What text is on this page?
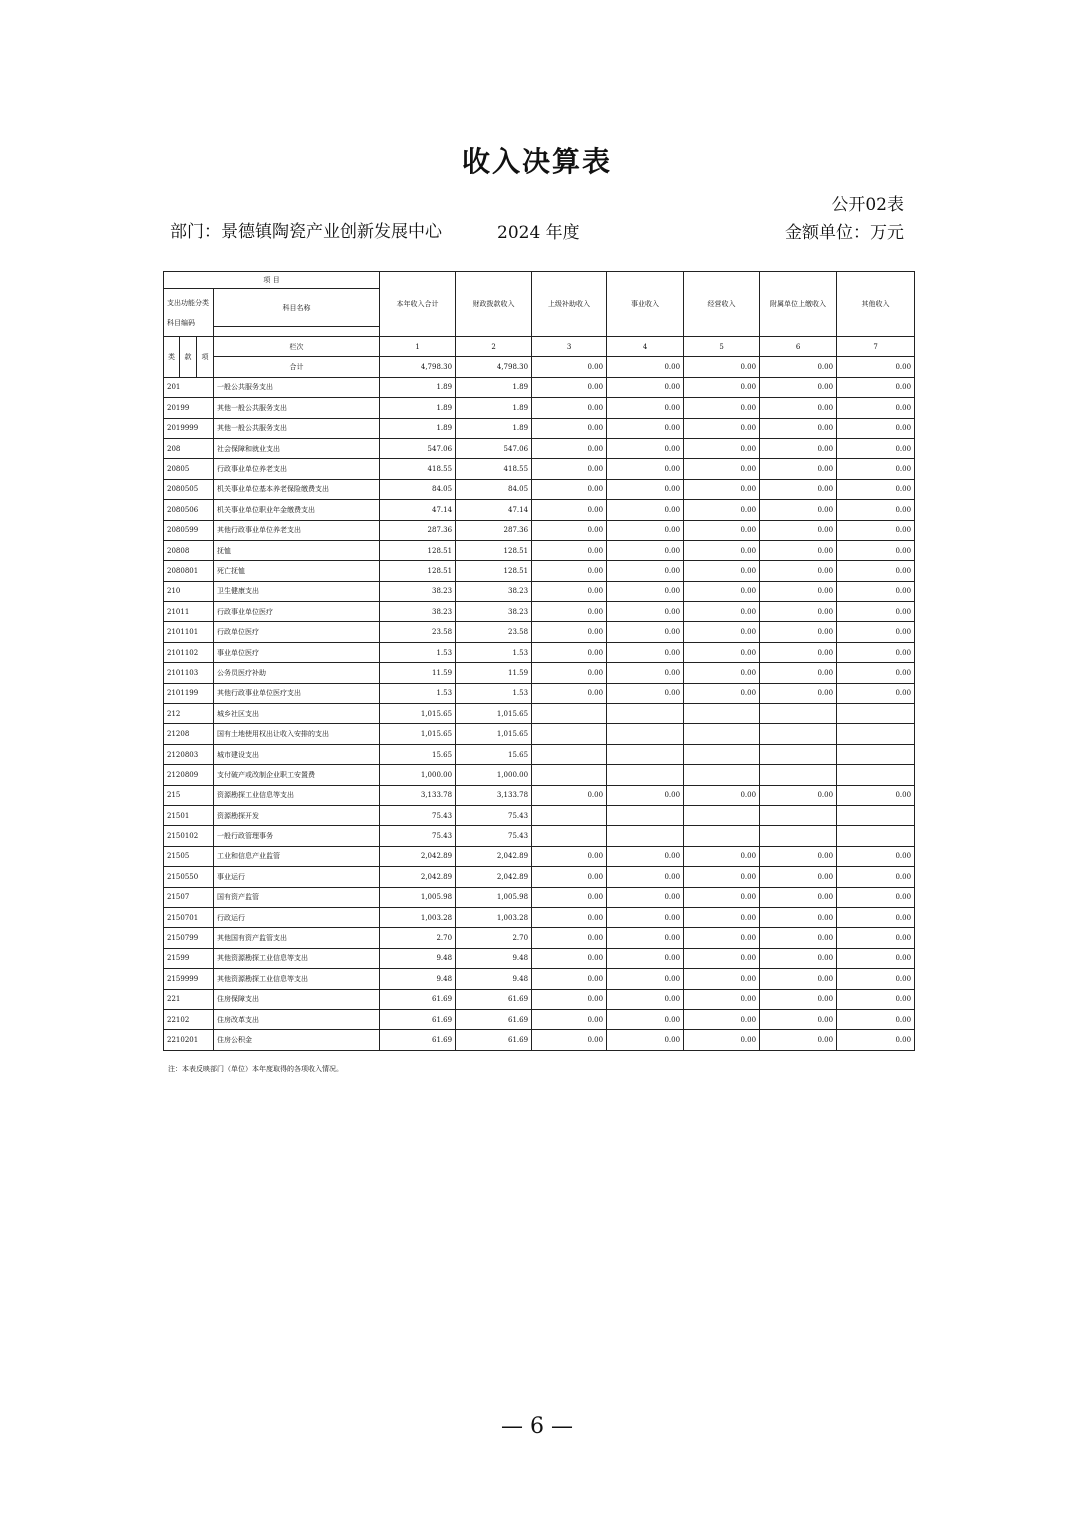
收入决算表
公开02表
部门：景德镇陶瓷产业创新发展中心	2024 年度	金额单位：万元
项 目				本年收入合计	财政拨款收入	上级补助收入	事业收入	经营收入	附属单位上缴收入	其他收入
支出功能分类科目编码			科目名称							

类	款	项	栏次	1	2	3	4	5	6	7
			合计	4,798.30	4,798.30	0.00	0.00	0.00	0.00	0.00
201			一般公共服务支出	1.89	1.89	0.00	0.00	0.00	0.00	0.00
20199			其他一般公共服务支出	1.89	1.89	0.00	0.00	0.00	0.00	0.00
2019999			其他一般公共服务支出	1.89	1.89	0.00	0.00	0.00	0.00	0.00
208			社会保障和就业支出	547.06	547.06	0.00	0.00	0.00	0.00	0.00
20805			行政事业单位养老支出	418.55	418.55	0.00	0.00	0.00	0.00	0.00
2080505			机关事业单位基本养老保险缴费支出	84.05	84.05	0.00	0.00	0.00	0.00	0.00
2080506			机关事业单位职业年金缴费支出	47.14	47.14	0.00	0.00	0.00	0.00	0.00
2080599			其他行政事业单位养老支出	287.36	287.36	0.00	0.00	0.00	0.00	0.00
20808			抚恤	128.51	128.51	0.00	0.00	0.00	0.00	0.00
2080801			死亡抚恤	128.51	128.51	0.00	0.00	0.00	0.00	0.00
210			卫生健康支出	38.23	38.23	0.00	0.00	0.00	0.00	0.00
21011			行政事业单位医疗	38.23	38.23	0.00	0.00	0.00	0.00	0.00
2101101			行政单位医疗	23.58	23.58	0.00	0.00	0.00	0.00	0.00
2101102			事业单位医疗	1.53	1.53	0.00	0.00	0.00	0.00	0.00
2101103			公务员医疗补助	11.59	11.59	0.00	0.00	0.00	0.00	0.00
2101199			其他行政事业单位医疗支出	1.53	1.53	0.00	0.00	0.00	0.00	0.00
212			城乡社区支出	1,015.65	1,015.65					
21208			国有土地使用权出让收入安排的支出	1,015.65	1,015.65					
2120803			城市建设支出	15.65	15.65					
2120809			支付破产或改制企业职工安置费	1,000.00	1,000.00					
215			资源勘探工业信息等支出	3,133.78	3,133.78	0.00	0.00	0.00	0.00	0.00
21501			资源勘探开发	75.43	75.43					
2150102			一般行政管理事务	75.43	75.43					
21505			工业和信息产业监管	2,042.89	2,042.89	0.00	0.00	0.00	0.00	0.00
2150550			事业运行	2,042.89	2,042.89	0.00	0.00	0.00	0.00	0.00
21507			国有资产监管	1,005.98	1,005.98	0.00	0.00	0.00	0.00	0.00
2150701			行政运行	1,003.28	1,003.28	0.00	0.00	0.00	0.00	0.00
2150799			其他国有资产监管支出	2.70	2.70	0.00	0.00	0.00	0.00	0.00
21599			其他资源勘探工业信息等支出	9.48	9.48	0.00	0.00	0.00	0.00	0.00
2159999			其他资源勘探工业信息等支出	9.48	9.48	0.00	0.00	0.00	0.00	0.00
221			住房保障支出	61.69	61.69	0.00	0.00	0.00	0.00	0.00
22102			住房改革支出	61.69	61.69	0.00	0.00	0.00	0.00	0.00
2210201			住房公积金	61.69	61.69	0.00	0.00	0.00	0.00	0.00
注：本表反映部门（单位）本年度取得的各项收入情况。
— 6 —
